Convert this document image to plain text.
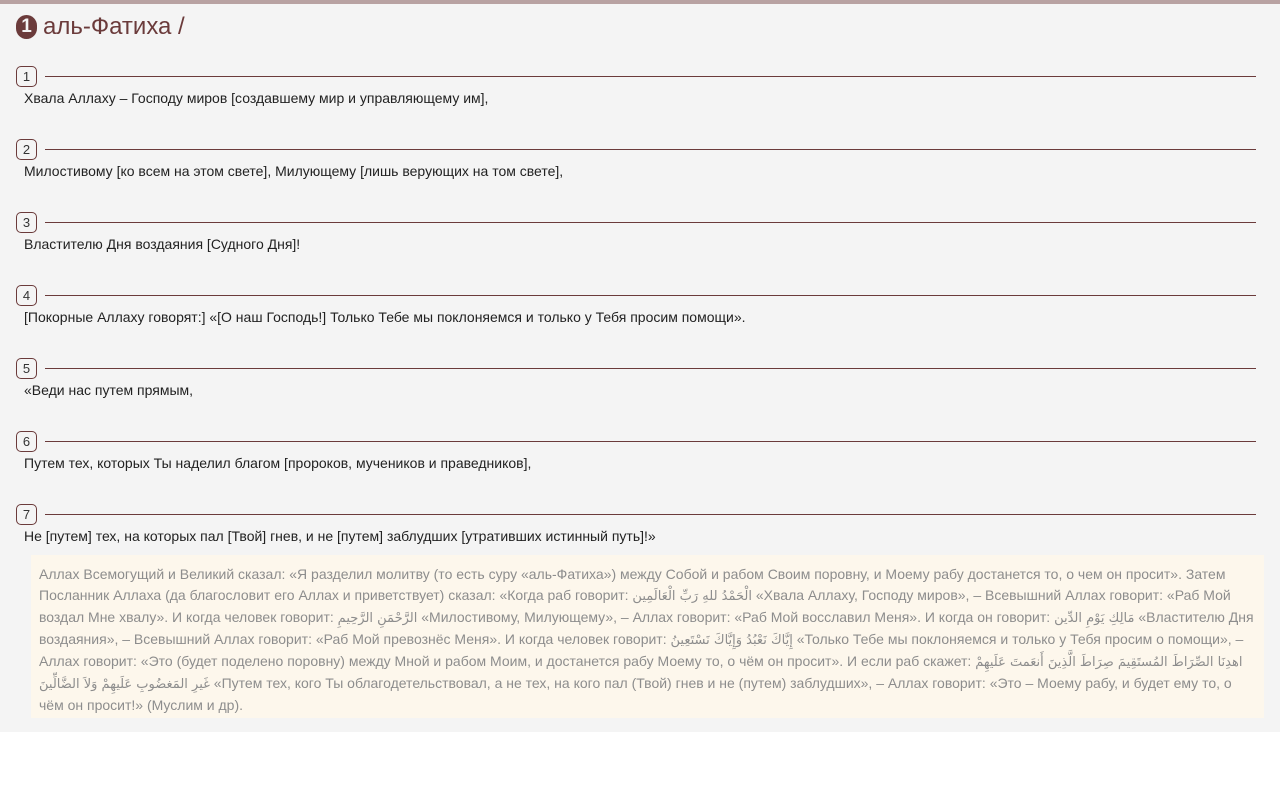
1 аль-Фатиха /
1
Хвала Аллаху – Господу миров [создавшему мир и управляющему им],
2
Милостивому [ко всем на этом свете], Милующему [лишь верующих на том свете],
3
Властителю Дня воздаяния [Судного Дня]!
4
[Покорные Аллаху говорят:] «[О наш Господь!] Только Тебе мы поклоняемся и только у Тебя просим помощи».
5
«Веди нас путем прямым,
6
Путем тех, которых Ты наделил благом [пророков, мучеников и праведников],
7
Не [путем] тех, на которых пал [Твой] гнев, и не [путем] заблудших [утративших истинный путь]!»
Аллах Всемогущий и Великий сказал: «Я разделил молитву (то есть суру «аль-Фатиха») между Собой и рабом Своим поровну, и Моему рабу достанется то, о чем он просит». Затем Посланник Аллаха (да благословит его Аллах и приветствует) сказал: «Когда раб говорит: الْحَمْدُ للهِ رَبِّ الْعَالَمِين «Хвала Аллаху, Господу миров», – Всевышний Аллах говорит: «Раб Мой воздал Мне хвалу». И когда человек говорит: الرَّحْمَنِ الرَّحِيمِ «Милостивому, Милующему», – Аллах говорит: «Раб Мой восславил Меня». И когда он говорит: مَالِكِ يَوْمِ الدِّين «Властителю Дня воздаяния», – Всевышний Аллах говорит: «Раб Мой превознёс Меня». И когда человек говорит: إِيَّاكَ نَعْبُدُ وَإِيَّاكَ نَسْتَعِينُ «Только Тебе мы поклоняемся и только у Тебя просим о помощи», – Аллах говорит: «Это (будет поделено поровну) между Мной и рабом Моим, и достанется рабу Моему то, о чём он просит». И если раб скажет: اهدِنَا الصِّرَاطَ المُستَقِيمَ صِرَاطَ الَّذِينَ أَنعَمتَ عَلَيهِمْ غَيرِ المَغضُوبِ عَلَيهِمْ وَلاَ الضَّالِّينَ «Путем тех, кого Ты облагодетельствовал, а не тех, на кого пал (Твой) гнев и не (путем) заблудших», – Аллах говорит: «Это – Моему рабу, и будет ему то, о чём он просит!» (Муслим и др).
